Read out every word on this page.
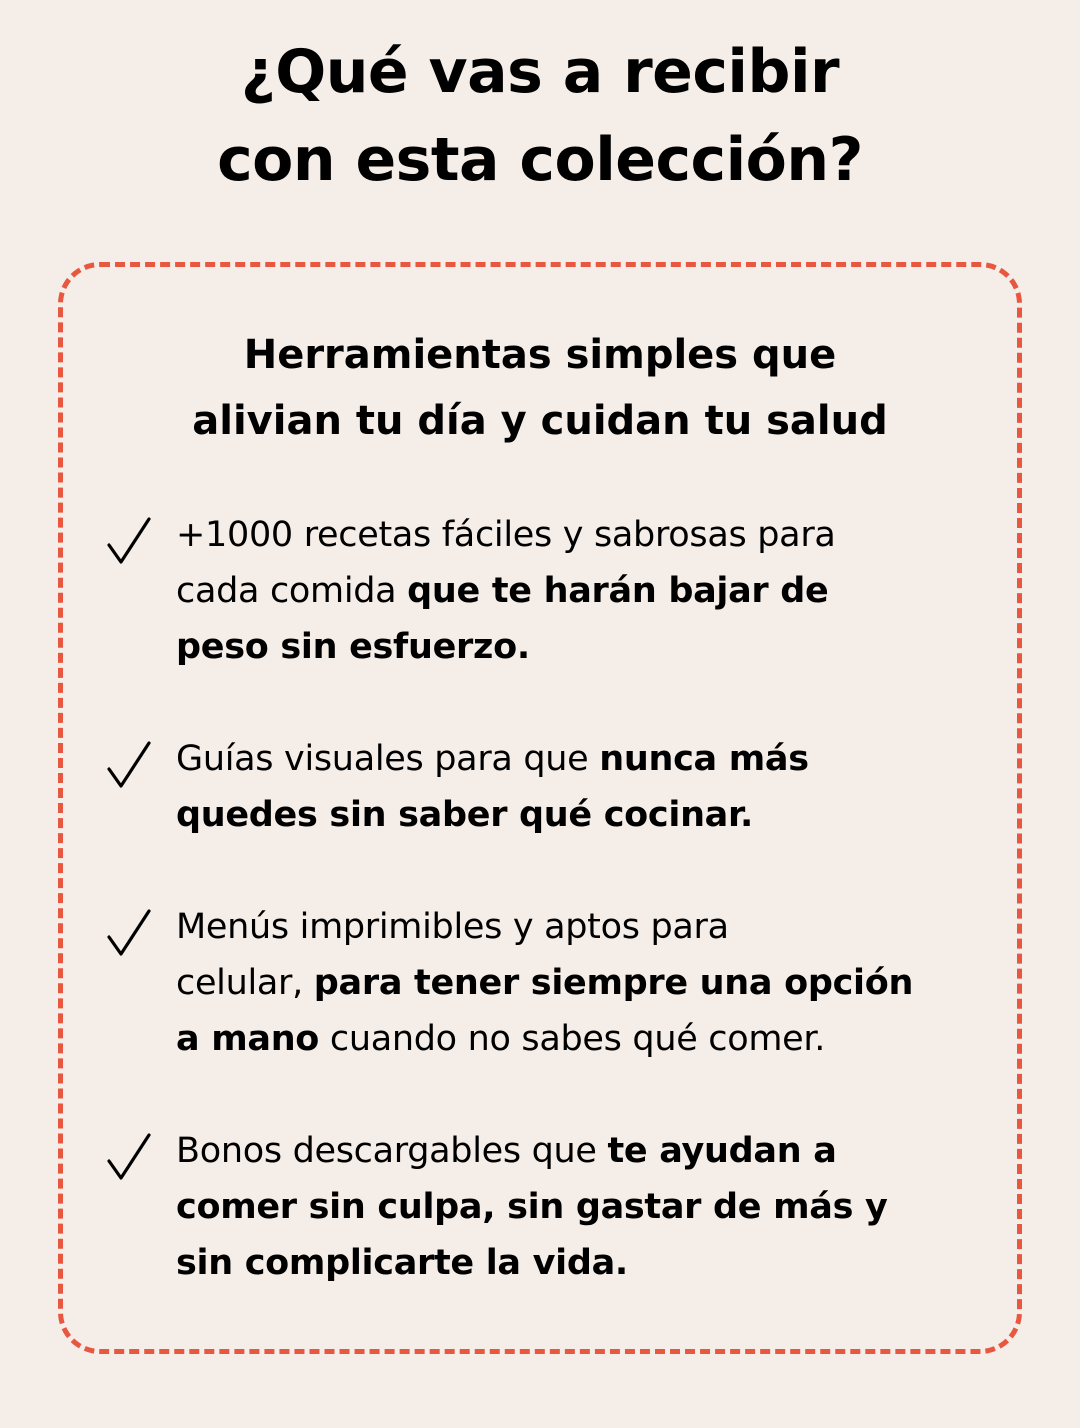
¿Qué vas a recibir
con esta colección?
Herramientas simples que
alivian tu día y cuidan tu salud

+1000 recetas fáciles y sabrosas para
cada comida que te harán bajar de
peso sin esfuerzo.

Guías visuales para que nunca más
quedes sin saber qué cocinar.

Menús imprimibles y aptos para
celular, para tener siempre una opción
a mano cuando no sabes qué comer.

Bonos descargables que te ayudan a
comer sin culpa, sin gastar de más y
sin complicarte la vida.
